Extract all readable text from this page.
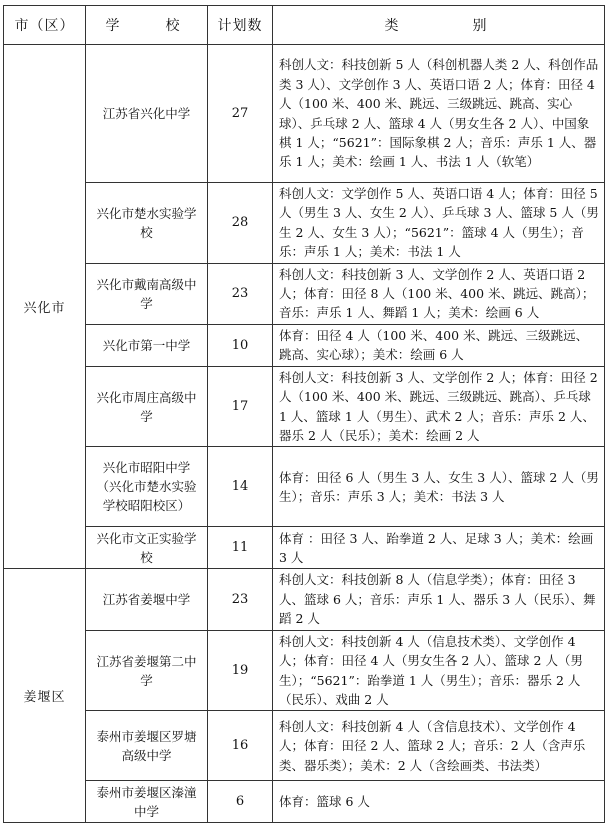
市（区）	学　校	计划数	类　别
兴化市	江苏省兴化中学	27	科创人文：科技创新 5 人（科创机器人类 2 人、科创作品类 3 人）、文学创作 3 人、英语口语 2 人；体育：田径 4 人（100 米、400 米、跳远、三级跳远、跳高、实心球）、乒乓球 2 人、篮球 4 人（男女生各 2 人）、中国象棋 1 人；“5621”：国际象棋 2 人；音乐：声乐 1 人、器乐 1 人；美术：绘画 1 人、书法 1 人（软笔）
	兴化市楚水实验学校	28	科创人文：文学创作 5 人、英语口语 4 人；体育：田径 5 人（男生 3 人、女生 2 人）、乒乓球 3 人、篮球 5 人（男生 2 人、女生 3 人）；“5621”：篮球 4 人（男生）；音乐：声乐 1 人；美术：书法 1 人
	兴化市戴南高级中学	23	科创人文：科技创新 3 人、文学创作 2 人、英语口语 2 人；体育：田径 8 人（100 米、400 米、跳远、跳高）；音乐：声乐 1 人、舞蹈 1 人；美术：绘画 6 人
	兴化市第一中学	10	体育：田径 4 人（100 米、400 米、跳远、三级跳远、跳高、实心球）；美术：绘画 6 人
	兴化市周庄高级中学	17	科创人文：科技创新 3 人、文学创作 2 人；体育：田径 2 人（100 米、400 米、跳远、三级跳远、跳高）、乒乓球 1 人、篮球 1 人（男生）、武术 2 人；音乐：声乐 2 人、器乐 2 人（民乐）；美术：绘画 2 人
	兴化市昭阳中学（兴化市楚水实验学校昭阳校区）	14	体育：田径 6 人（男生 3 人、女生 3 人）、篮球 2 人（男生）；音乐：声乐 3 人；美术：书法 3 人
	兴化市文正实验学校	11	体育 ：田径 3 人、跆拳道 2 人、足球 3 人；美术：绘画 3 人
姜堰区	江苏省姜堰中学	23	科创人文：科技创新 8 人（信息学类）；体育：田径 3 人、篮球 6 人；音乐：声乐 1 人、器乐 3 人（民乐）、舞蹈 2 人
	江苏省姜堰第二中学	19	科创人文：科技创新 4 人（信息技术类）、文学创作 4 人；体育：田径 4 人（男女生各 2 人）、篮球 2 人（男生）；“5621”：跆拳道 1 人（男生）；音乐：器乐 2 人（民乐）、戏曲 2 人
	泰州市姜堰区罗塘高级中学	16	科创人文：科技创新 4 人（含信息技术）、文学创作 4 人；体育：田径 2 人、篮球 2 人；音乐：2 人（含声乐类、器乐类）；美术：2 人（含绘画类、书法类）
	泰州市姜堰区溱潼中学	6	体育：篮球 6 人
